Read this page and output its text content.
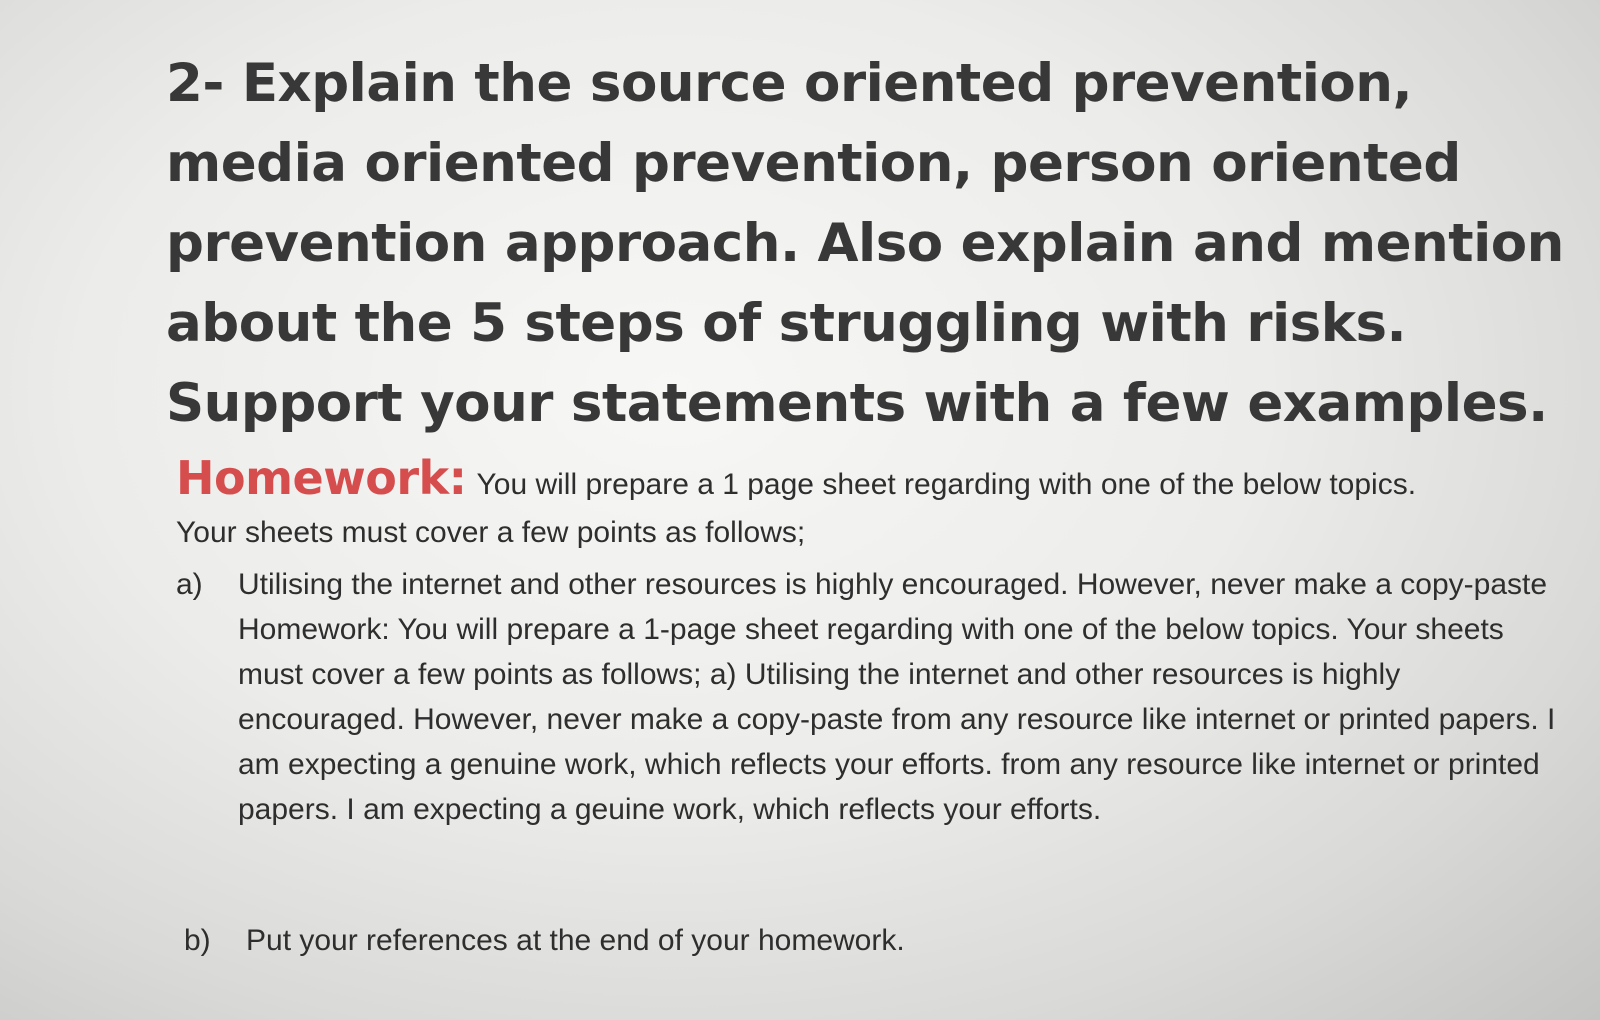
2- Explain the source oriented prevention, media oriented prevention, person oriented prevention approach. Also explain and mention about the 5 steps of struggling with risks. Support your statements with a few examples.

Homework: You will prepare a 1 page sheet regarding with one of the below topics.

Your sheets must cover a few points as follows;

a)	Utilising the internet and other resources is highly encouraged. However, never make a copy-paste Homework: You will prepare a 1-page sheet regarding with one of the below topics. Your sheets must cover a few points as follows; a) Utilising the internet and other resources is highly encouraged. However, never make a copy-paste from any resource like internet or printed papers. I am expecting a genuine work, which reflects your efforts. from any resource like internet or printed papers. I am expecting a geuine work, which reflects your efforts.
b)	Put your references at the end of your homework.
